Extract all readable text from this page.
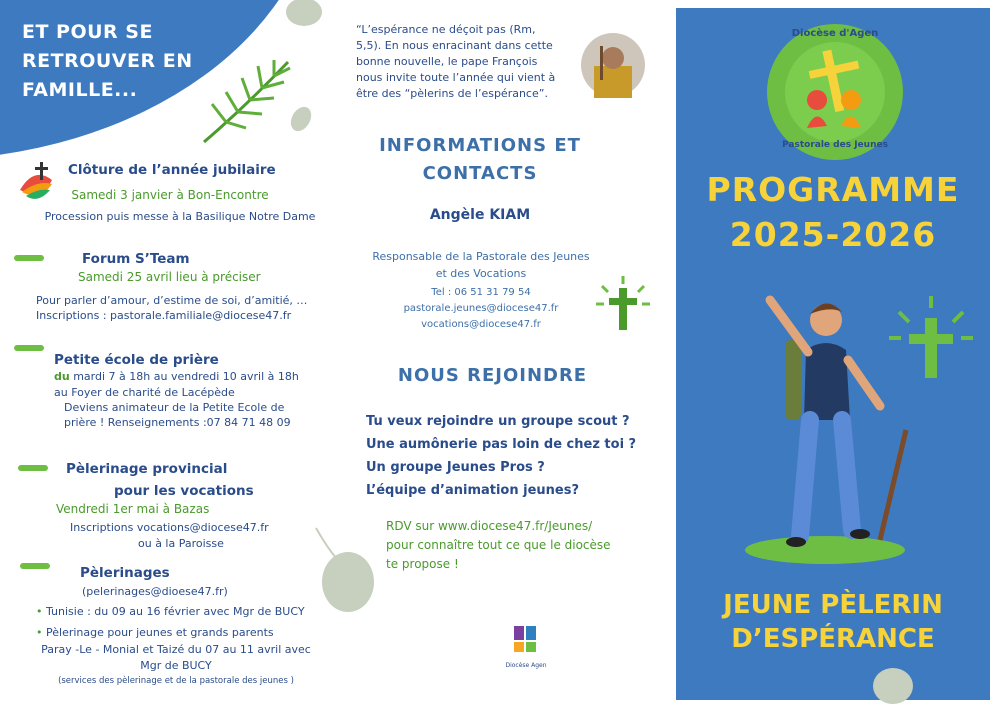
ET POUR SE
RETROUVER EN
FAMILLE...
Clôture de l’année jubilaire
Samedi 3 janvier à Bon-Encontre
Procession puis messe à la Basilique Notre Dame
Forum S’Team
Samedi 25 avril lieu à préciser
Pour parler d’amour, d’estime de soi, d’amitié, …
Inscriptions : pastorale.familiale@diocese47.fr
Petite école de prière
du mardi 7 à 18h au vendredi 10 avril à 18h
au Foyer de charité de Lacépède
Deviens animateur de la Petite Ecole de
prière ! Renseignements :07 84 71 48 09
Pèlerinage provincial
pour les vocations
Vendredi 1er mai à Bazas
Inscriptions vocations@diocese47.fr
ou à la Paroisse
Pèlerinages
(pelerinages@dioese47.fr)
• Tunisie : du 09 au 16 février avec Mgr de BUCY
• Pèlerinage pour jeunes et grands parents
Paray -Le - Monial et Taizé du 07 au 11 avril avec
Mgr de BUCY
(services des pèlerinage et de la pastorale des jeunes )
“L’espérance ne déçoit pas (Rm,
5,5). En nous enracinant dans cette
bonne nouvelle, le pape François
nous invite toute l’année qui vient à
être des “pèlerins de l’espérance”.
INFORMATIONS ET
CONTACTS
Angèle KIAM
Responsable de la Pastorale des Jeunes
et des Vocations
Tel : 06 51 31 79 54
pastorale.jeunes@diocese47.fr
vocations@diocese47.fr
NOUS REJOINDRE
Tu veux rejoindre un groupe scout ?
Une aumônerie pas loin de chez toi ?
Un groupe Jeunes Pros ?
L’équipe d’animation jeunes?
RDV sur www.diocese47.fr/Jeunes/
pour connaître tout ce que le diocèse
te propose !
Diocèse Agen
Diocèse d'Agen
Pastorale des Jeunes
PROGRAMME
2025-2026
JEUNE PÈLERIN
D’ESPÉRANCE
